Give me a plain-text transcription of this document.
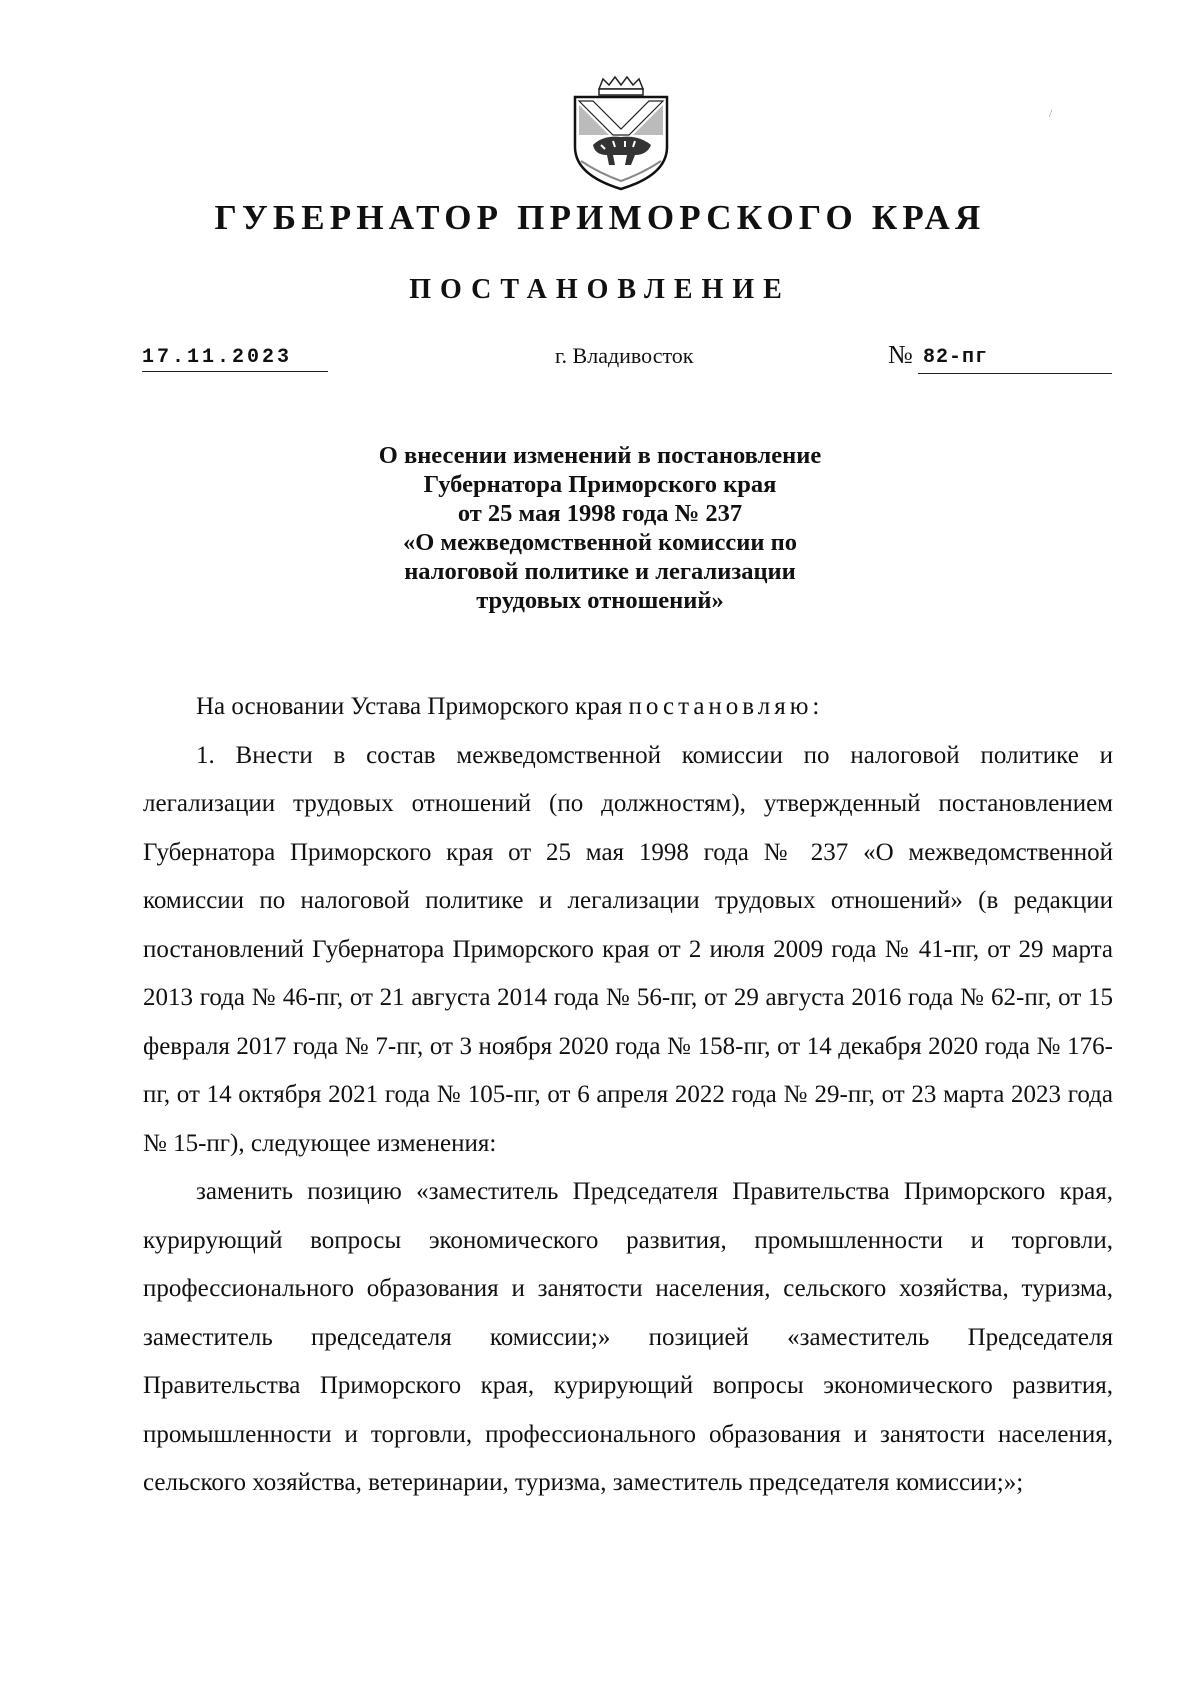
/
ГУБЕРНАТОР ПРИМОРСКОГО КРАЯ
ПОСТАНОВЛЕНИЕ
17.11.2023	г. Владивосток	№ 82-пг
О внесении изменений в постановление
Губернатора Приморского края
от 25 мая 1998 года № 237
«О межведомственной комиссии по
налоговой политике и легализации
трудовых отношений»

На основании Устава Приморского края постановляю:

1. Внести в состав межведомственной комиссии по налоговой политике и легализации трудовых отношений (по должностям), утвержденный постановлением Губернатора Приморского края от 25 мая 1998 года № 237 «О межведомственной комиссии по налоговой политике и легализации трудовых отношений» (в редакции постановлений Губернатора Приморского края от 2 июля 2009 года № 41-пг, от 29 марта 2013 года № 46-пг, от 21 августа 2014 года № 56-пг, от 29 августа 2016 года № 62-пг, от 15 февраля 2017 года № 7-пг, от 3 ноября 2020 года № 158-пг, от 14 декабря 2020 года № 176-пг, от 14 октября 2021 года № 105-пг, от 6 апреля 2022 года № 29-пг, от 23 марта 2023 года № 15-пг), следующее изменения:

заменить позицию «заместитель Председателя Правительства Приморского края, курирующий вопросы экономического развития, промышленности и торговли, профессионального образования и занятости населения, сельского хозяйства, туризма, заместитель председателя комиссии;» позицией «заместитель Председателя Правительства Приморского края, курирующий вопросы экономического развития, промышленности и торговли, профессионального образования и занятости населения, сельского хозяйства, ветеринарии, туризма, заместитель председателя комиссии;»;
